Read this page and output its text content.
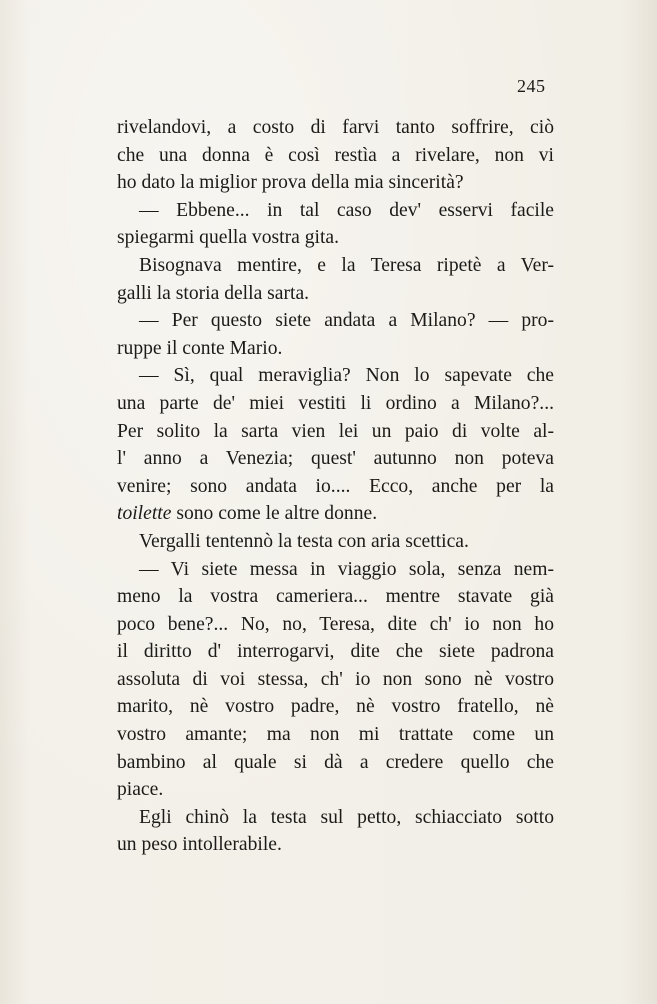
245
rivelandovi, a costo di farvi tanto soffrire, ciò
che una donna è così restìa a rivelare, non vi
ho dato la miglior prova della mia sincerità?
— Ebbene... in tal caso dev' esservi facile
spiegarmi quella vostra gita.
Bisognava mentire, e la Teresa ripetè a Ver-
galli la storia della sarta.
— Per questo siete andata a Milano? — pro-
ruppe il conte Mario.
— Sì, qual meraviglia? Non lo sapevate che
una parte de' miei vestiti li ordino a Milano?...
Per solito la sarta vien lei un paio di volte al-
l' anno a Venezia; quest' autunno non poteva
venire; sono andata io.... Ecco, anche per la
toilette sono come le altre donne.
Vergalli tentennò la testa con aria scettica.
— Vi siete messa in viaggio sola, senza nem-
meno la vostra cameriera... mentre stavate già
poco bene?... No, no, Teresa, dite ch' io non ho
il diritto d' interrogarvi, dite che siete padrona
assoluta di voi stessa, ch' io non sono nè vostro
marito, nè vostro padre, nè vostro fratello, nè
vostro amante; ma non mi trattate come un
bambino al quale si dà a credere quello che
piace.
Egli chinò la testa sul petto, schiacciato sotto
un peso intollerabile.
